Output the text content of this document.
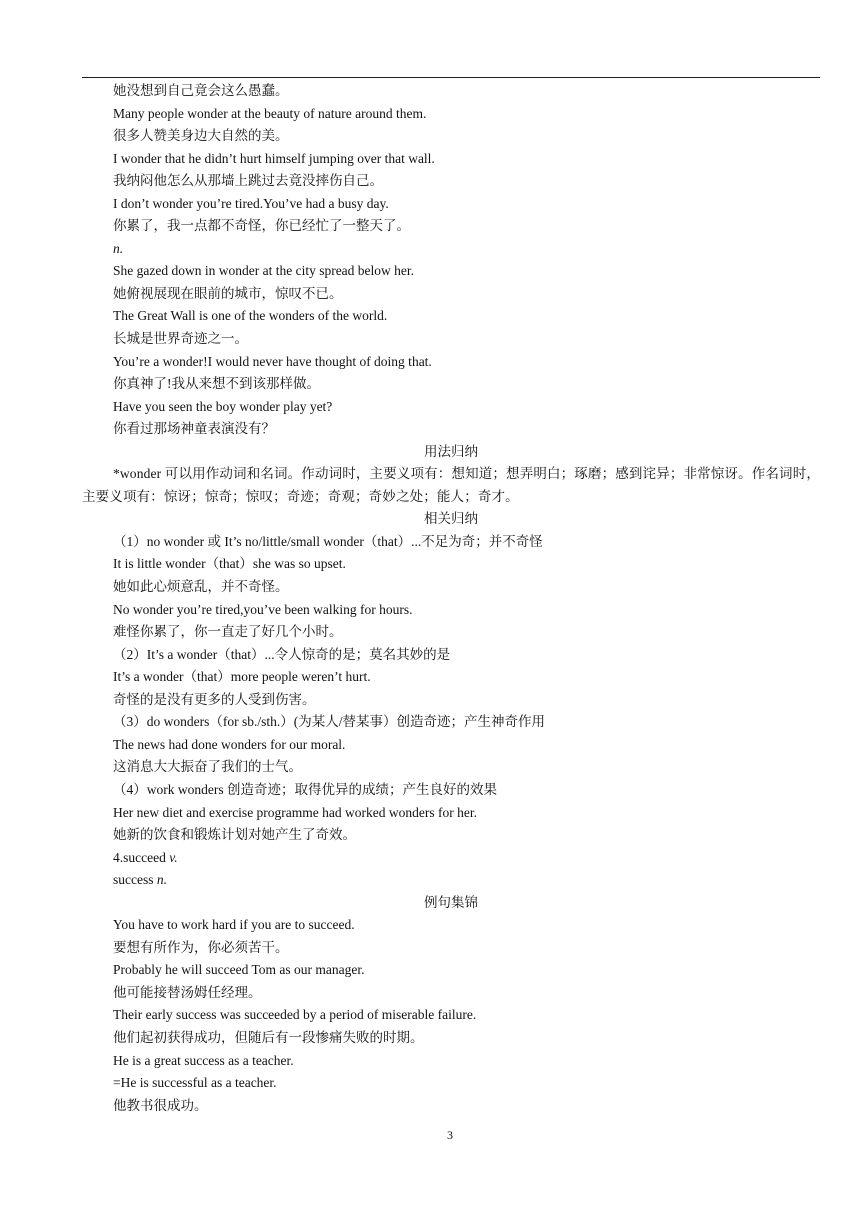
她没想到自己竟会这么愚蠢。
Many people wonder at the beauty of nature around them.
很多人赞美身边大自然的美。
I wonder that he didn’t hurt himself jumping over that wall.
我纳闷他怎么从那墙上跳过去竟没摔伤自己。
I don’t wonder you’re tired.You’ve had a busy day.
你累了，我一点都不奇怪，你已经忙了一整天了。
n.
She gazed down in wonder at the city spread below her.
她俯视展现在眼前的城市，惊叹不已。
The Great Wall is one of the wonders of the world.
长城是世界奇迹之一。
You’re a wonder!I would never have thought of doing that.
你真神了!我从来想不到该那样做。
Have you seen the boy wonder play yet?
你看过那场神童表演没有？
用法归纳
*wonder 可以用作动词和名词。作动词时，主要义项有：想知道；想弄明白；琢磨；感到诧异；非常惊讶。作名词时，主要义项有：惊讶；惊奇；惊叹；奇迹；奇观；奇妙之处；能人；奇才。
相关归纳
（1）no wonder 或 It’s no/little/small wonder（that）...不足为奇；并不奇怪
It is little wonder（that）she was so upset.
她如此心烦意乱，并不奇怪。
No wonder you’re tired,you’ve been walking for hours.
难怪你累了，你一直走了好几个小时。
（2）It’s a wonder（that）...令人惊奇的是；莫名其妙的是
It’s a wonder（that）more people weren’t hurt.
奇怪的是没有更多的人受到伤害。
（3）do wonders（for sb./sth.）(为某人/替某事）创造奇迹；产生神奇作用
The news had done wonders for our moral.
这消息大大振奋了我们的士气。
（4）work wonders 创造奇迹；取得优异的成绩；产生良好的效果
Her new diet and exercise programme had worked wonders for her.
她新的饮食和锻炼计划对她产生了奇效。
4.succeed v.
success n.
例句集锦
You have to work hard if you are to succeed.
要想有所作为，你必须苦干。
Probably he will succeed Tom as our manager.
他可能接替汤姆任经理。
Their early success was succeeded by a period of miserable failure.
他们起初获得成功，但随后有一段惨痛失败的时期。
He is a great success as a teacher.
=He is successful as a teacher.
他教书很成功。
3
